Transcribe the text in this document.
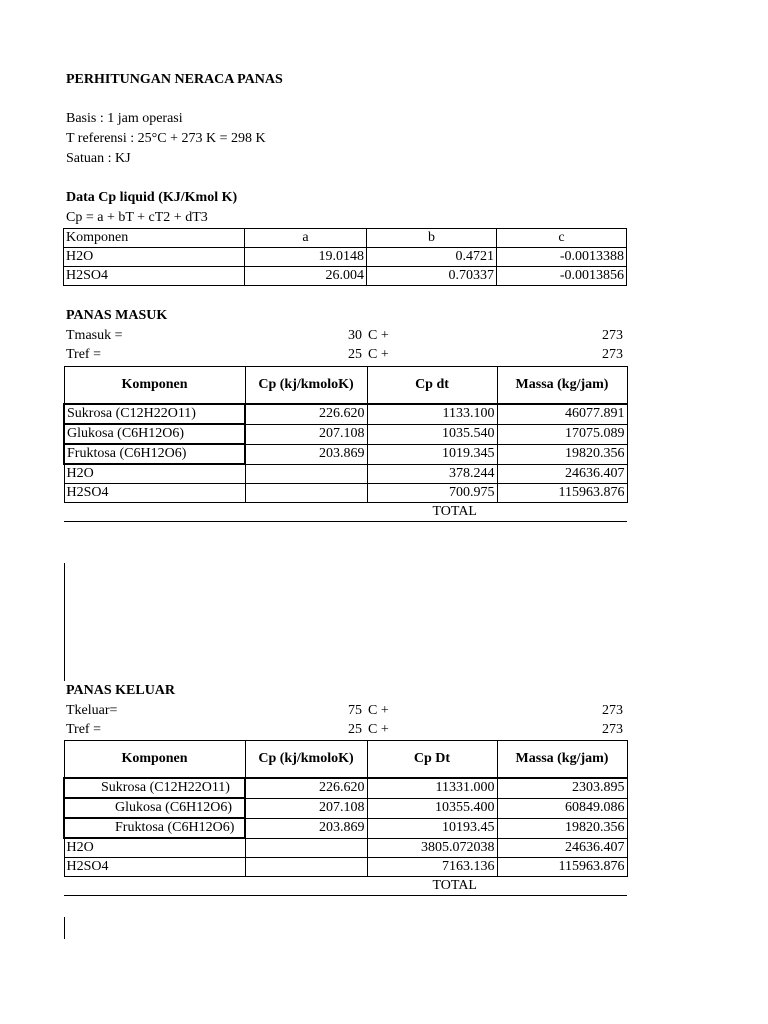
PERHITUNGAN NERACA PANAS
Basis : 1 jam operasi
T referensi : 25°C + 273 K = 298 K
Satuan : KJ
Data Cp liquid (KJ/Kmol K)
Cp = a + bT + cT2 + dT3
Komponen	a	b	c
H2O	19.0148	0.4721	-0.0013388
H2SO4	26.004	0.70337	-0.0013856
PANAS MASUK
Tmasuk =	30 C +	273
Tref =	25 C +	273
Komponen	Cp (kj/kmoloK)	Cp dt	Massa (kg/jam)
Sukrosa (C12H22O11)	226.620	1133.100	46077.891
Glukosa (C6H12O6)	207.108	1035.540	17075.089
Fruktosa (C6H12O6)	203.869	1019.345	19820.356
H2O		378.244	24636.407
H2SO4		700.975	115963.876
		TOTAL	
PANAS KELUAR
Tkeluar=	75 C +	273
Tref =	25 C +	273
Komponen	Cp (kj/kmoloK)	Cp Dt	Massa (kg/jam)
Sukrosa (C12H22O11)	226.620	11331.000	2303.895
Glukosa (C6H12O6)	207.108	10355.400	60849.086
Fruktosa (C6H12O6)	203.869	10193.45	19820.356
H2O		3805.072038	24636.407
H2SO4		7163.136	115963.876
		TOTAL	
